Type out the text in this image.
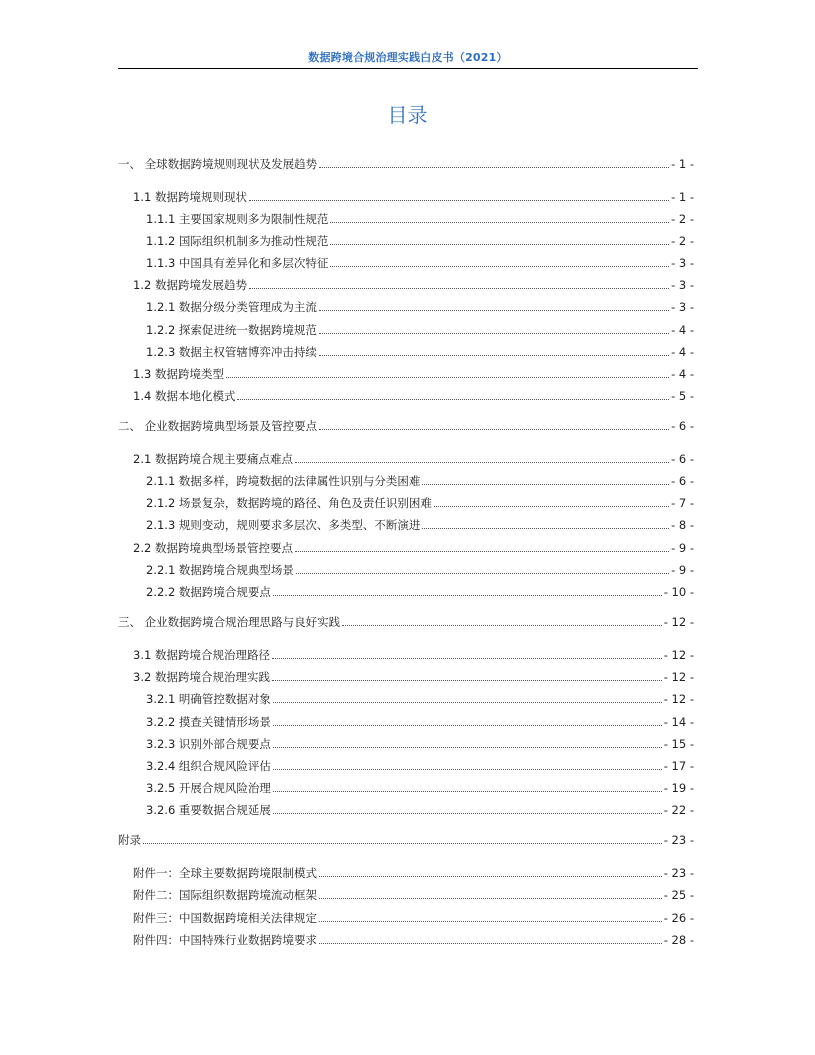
数据跨境合规治理实践白皮书（2021）
目录
一、 全球数据跨境规则现状及发展趋势	- 1 -
1.1 数据跨境规则现状	- 1 -
1.1.1 主要国家规则多为限制性规范	- 2 -
1.1.2 国际组织机制多为推动性规范	- 2 -
1.1.3 中国具有差异化和多层次特征	- 3 -
1.2 数据跨境发展趋势	- 3 -
1.2.1 数据分级分类管理成为主流	- 3 -
1.2.2 探索促进统一数据跨境规范	- 4 -
1.2.3 数据主权管辖博弈冲击持续	- 4 -
1.3 数据跨境类型	- 4 -
1.4 数据本地化模式	- 5 -
二、 企业数据跨境典型场景及管控要点	- 6 -
2.1 数据跨境合规主要痛点难点	- 6 -
2.1.1 数据多样，跨境数据的法律属性识别与分类困难	- 6 -
2.1.2 场景复杂，数据跨境的路径、角色及责任识别困难	- 7 -
2.1.3 规则变动，规则要求多层次、多类型、不断演进	- 8 -
2.2 数据跨境典型场景管控要点	- 9 -
2.2.1 数据跨境合规典型场景	- 9 -
2.2.2 数据跨境合规要点	- 10 -
三、 企业数据跨境合规治理思路与良好实践	- 12 -
3.1 数据跨境合规治理路径	- 12 -
3.2 数据跨境合规治理实践	- 12 -
3.2.1 明确管控数据对象	- 12 -
3.2.2 摸查关键情形场景	- 14 -
3.2.3 识别外部合规要点	- 15 -
3.2.4 组织合规风险评估	- 17 -
3.2.5 开展合规风险治理	- 19 -
3.2.6 重要数据合规延展	- 22 -
附录	- 23 -
附件一：全球主要数据跨境限制模式	- 23 -
附件二：国际组织数据跨境流动框架	- 25 -
附件三：中国数据跨境相关法律规定	- 26 -
附件四：中国特殊行业数据跨境要求	- 28 -
